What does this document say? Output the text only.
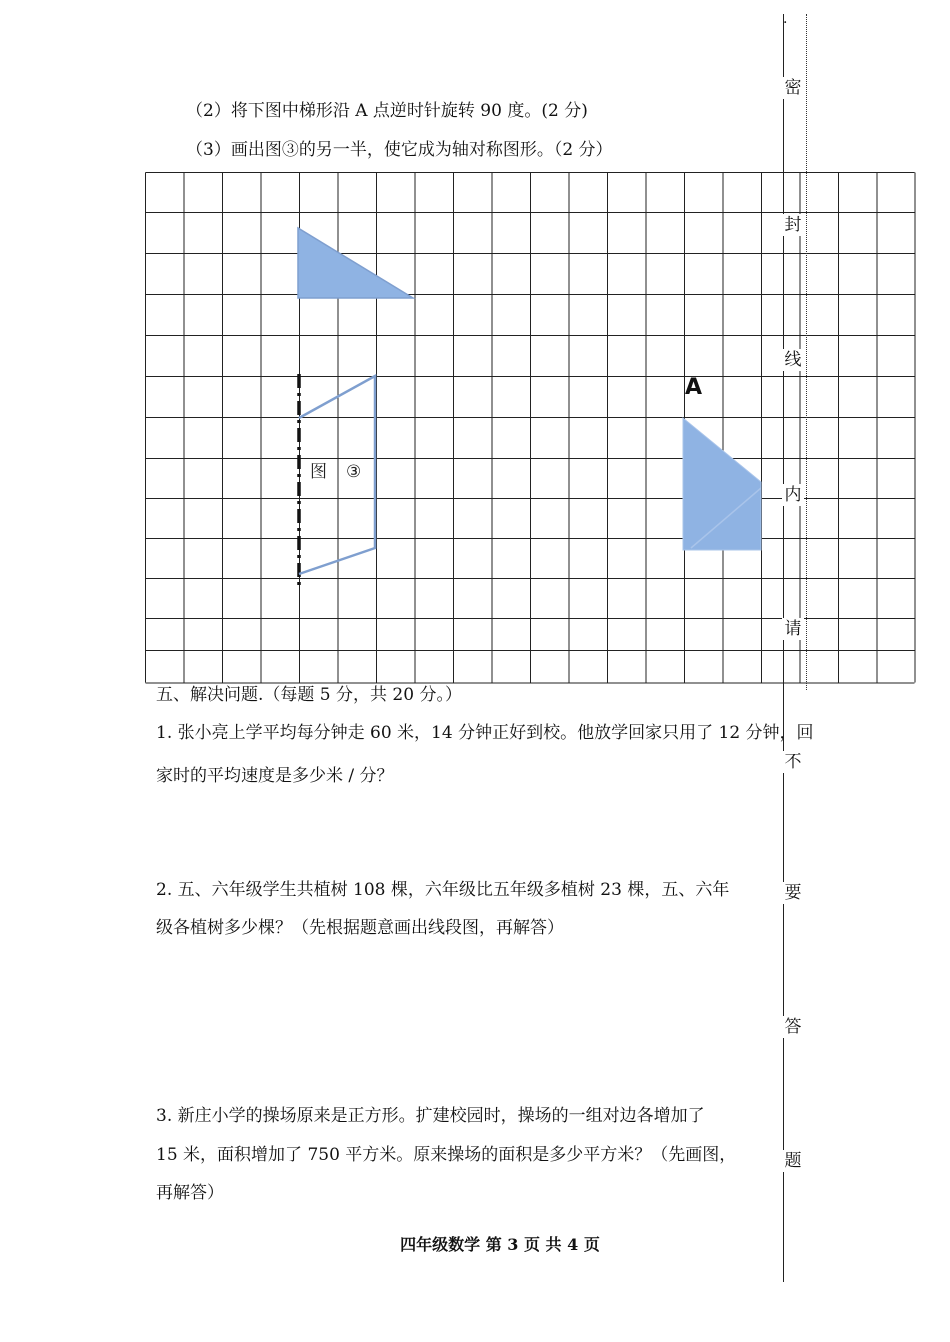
（2）将下图中梯形沿 A 点逆时针旋转 90 度。(2 分)
（3）画出图③的另一半，使它成为轴对称图形。（2 分）
图 ③
A
五、解决问题.（每题 5 分，共 20 分。）
1. 张小亮上学平均每分钟走 60 米，14 分钟正好到校。他放学回家只用了 12 分钟，回
家时的平均速度是多少米 / 分？
2. 五、六年级学生共植树 108 棵，六年级比五年级多植树 23 棵，五、六年
级各植树多少棵？（先根据题意画出线段图，再解答）
3. 新庄小学的操场原来是正方形。扩建校园时，操场的一组对边各增加了
15 米，面积增加了 750 平方米。原来操场的面积是多少平方米？（先画图，
再解答）
.
密
封
线
内
请
不
要
答
题
四年级数学 第 3 页 共 4 页
